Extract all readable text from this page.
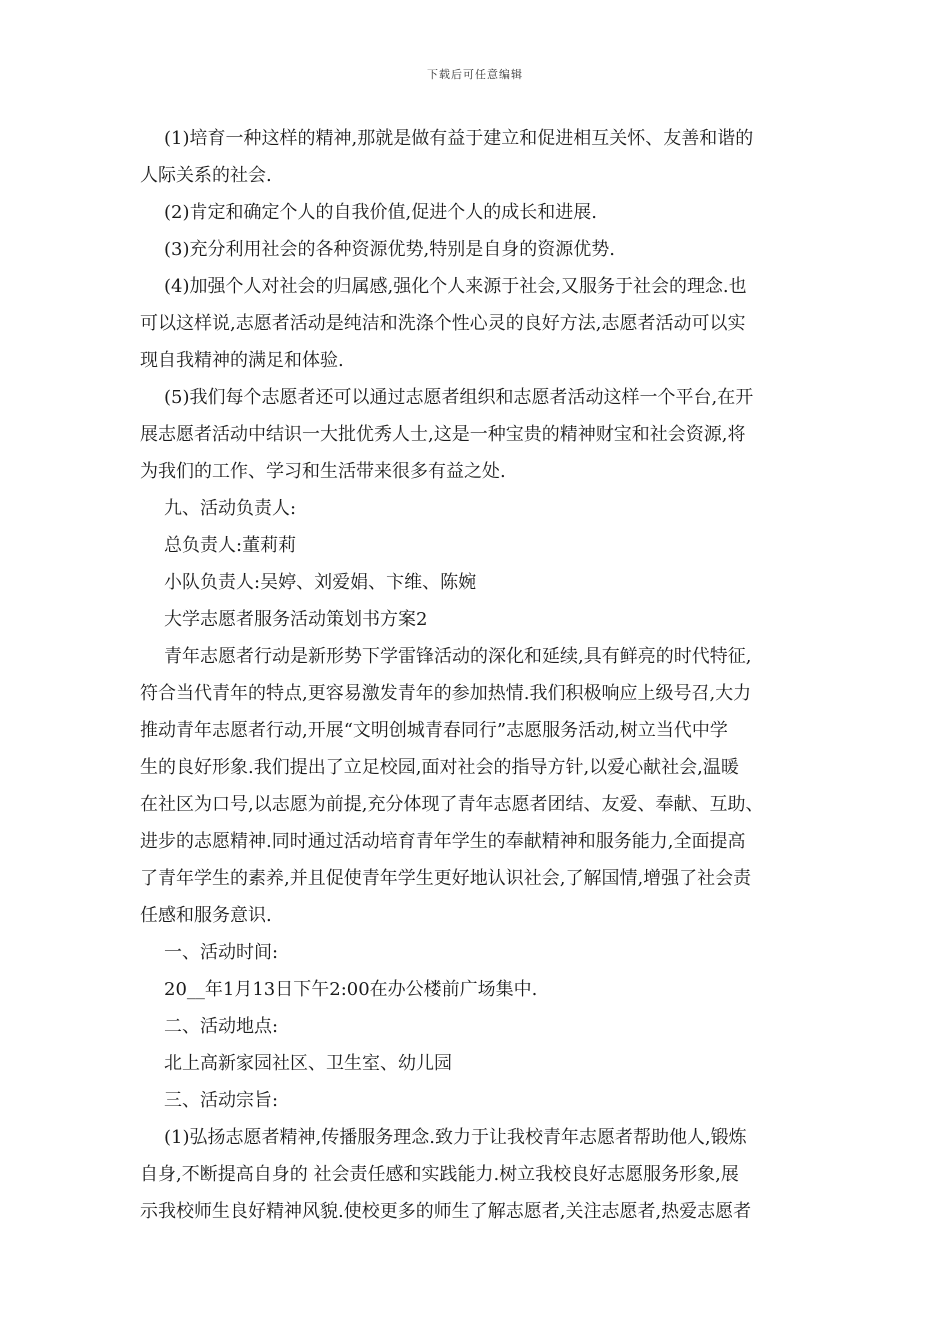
下载后可任意编辑
(1)培育一种这样的精神,那就是做有益于建立和促进相互关怀、友善和谐的
人际关系的社会.
(2)肯定和确定个人的自我价值,促进个人的成长和进展.
(3)充分利用社会的各种资源优势,特别是自身的资源优势.
(4)加强个人对社会的归属感,强化个人来源于社会,又服务于社会的理念.也
可以这样说,志愿者活动是纯洁和洗涤个性心灵的良好方法,志愿者活动可以实
现自我精神的满足和体验.
(5)我们每个志愿者还可以通过志愿者组织和志愿者活动这样一个平台,在开
展志愿者活动中结识一大批优秀人士,这是一种宝贵的精神财宝和社会资源,将
为我们的工作、学习和生活带来很多有益之处.
九、活动负责人:
总负责人:董莉莉
小队负责人:吴婷、刘爱娟、卞维、陈婉
大学志愿者服务活动策划书方案2
青年志愿者行动是新形势下学雷锋活动的深化和延续,具有鲜亮的时代特征,
符合当代青年的特点,更容易激发青年的参加热情.我们积极响应上级号召,大力
推动青年志愿者行动,开展“文明创城青春同行”志愿服务活动,树立当代中学
生的良好形象.我们提出了立足校园,面对社会的指导方针,以爱心献社会,温暖
在社区为口号,以志愿为前提,充分体现了青年志愿者团结、友爱、奉献、互助、
进步的志愿精神.同时通过活动培育青年学生的奉献精神和服务能力,全面提高
了青年学生的素养,并且促使青年学生更好地认识社会,了解国情,增强了社会责
任感和服务意识.
一、活动时间:
20__年1月13日下午2:00在办公楼前广场集中.
二、活动地点:
北上高新家园社区、卫生室、幼儿园
三、活动宗旨:
(1)弘扬志愿者精神,传播服务理念.致力于让我校青年志愿者帮助他人,锻炼
自身,不断提高自身的 社会责任感和实践能力.树立我校良好志愿服务形象,展
示我校师生良好精神风貌.使校更多的师生了解志愿者,关注志愿者,热爱志愿者
